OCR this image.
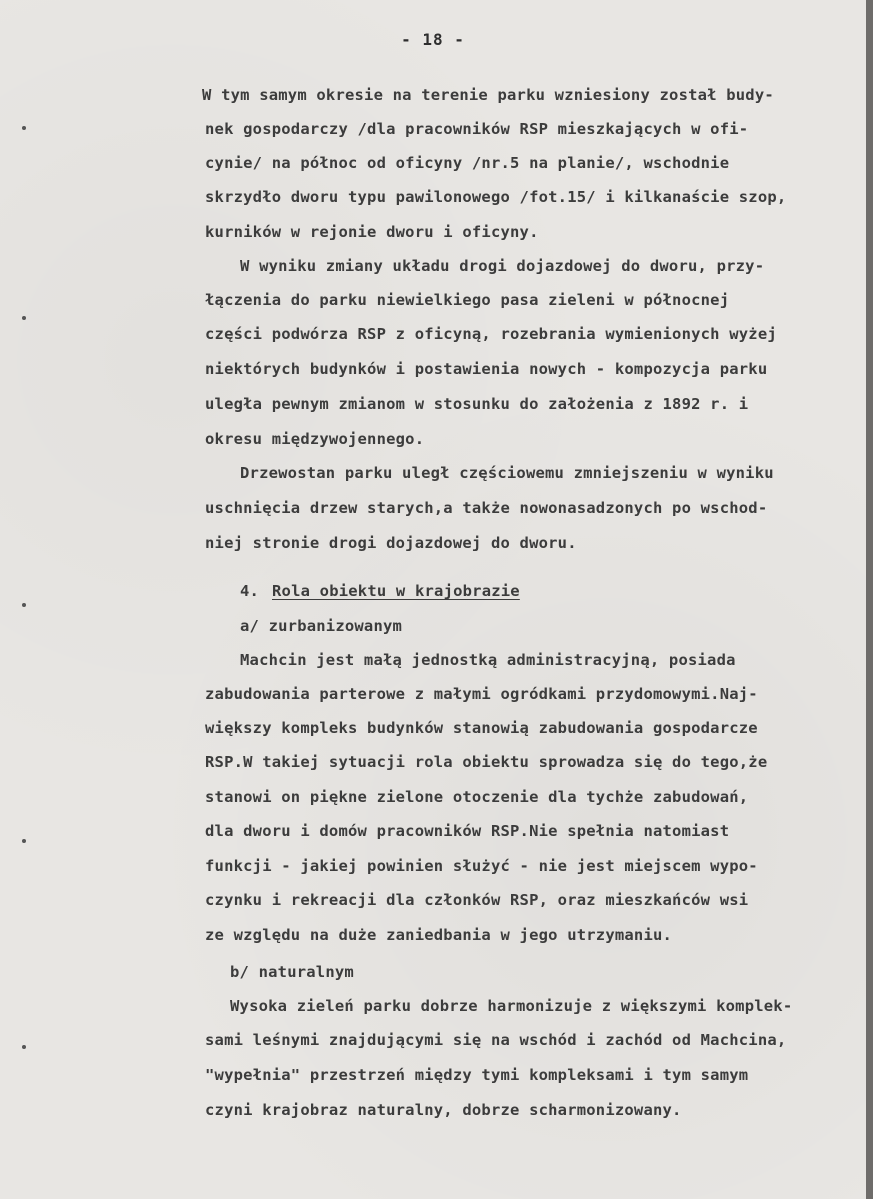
- 18 -
W tym samym okresie na terenie parku wzniesiony został budy-
nek gospodarczy /dla pracowników RSP mieszkających w ofi-
cynie/ na północ od oficyny /nr.5 na planie/, wschodnie
skrzydło dworu typu pawilonowego /fot.15/ i kilkanaście szop,
kurników w rejonie dworu i oficyny.
W wyniku zmiany układu drogi dojazdowej do dworu, przy-
łączenia do parku niewielkiego pasa zieleni w północnej
części podwórza RSP z oficyną, rozebrania wymienionych wyżej
niektórych budynków i postawienia nowych - kompozycja parku
uległa pewnym zmianom w stosunku do założenia z 1892 r. i
okresu międzywojennego.
Drzewostan parku uległ częściowemu zmniejszeniu w wyniku
uschnięcia drzew starych,a także nowonasadzonych po wschod-
niej stronie drogi dojazdowej do dworu.
4. Rola obiektu w krajobrazie
a/ zurbanizowanym
Machcin jest małą jednostką administracyjną, posiada
zabudowania parterowe z małymi ogródkami przydomowymi.Naj-
większy kompleks budynków stanowią zabudowania gospodarcze
RSP.W takiej sytuacji rola obiektu sprowadza się do tego,że
stanowi on piękne zielone otoczenie dla tychże zabudowań,
dla dworu i domów pracowników RSP.Nie spełnia natomiast
funkcji - jakiej powinien służyć - nie jest miejscem wypo-
czynku i rekreacji dla członków RSP, oraz mieszkańców wsi
ze względu na duże zaniedbania w jego utrzymaniu.
b/ naturalnym
Wysoka zieleń parku dobrze harmonizuje z większymi komplek-
sami leśnymi znajdującymi się na wschód i zachód od Machcina,
"wypełnia" przestrzeń między tymi kompleksami i tym samym
czyni krajobraz naturalny, dobrze scharmonizowany.
